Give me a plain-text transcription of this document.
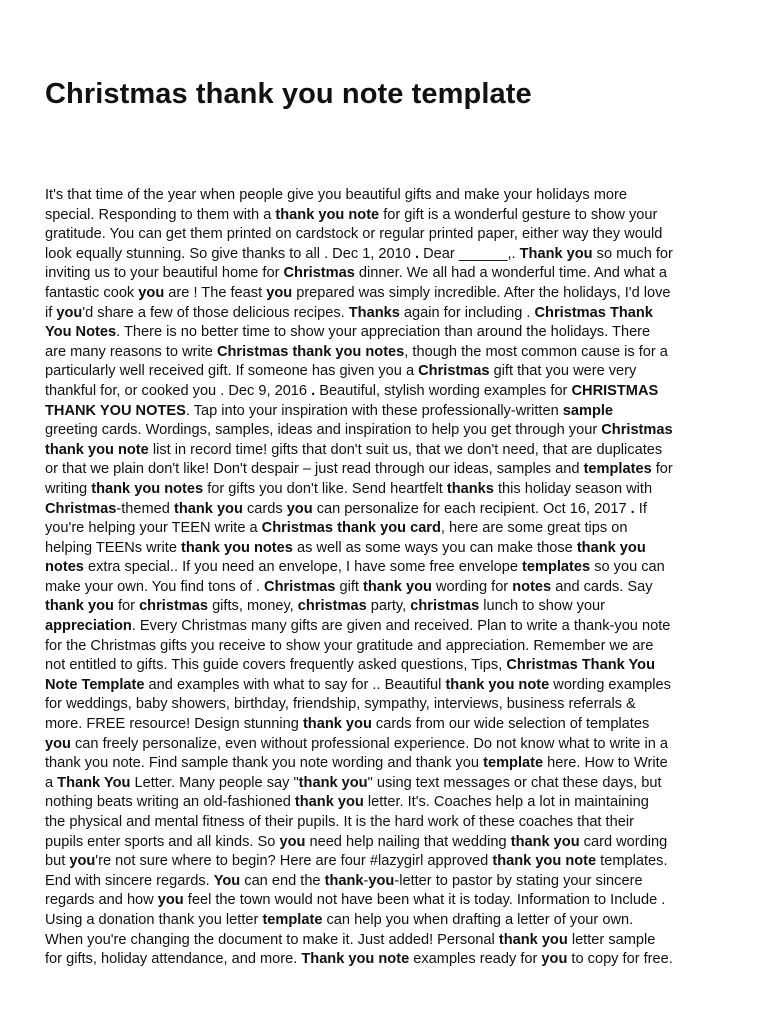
Christmas thank you note template
It's that time of the year when people give you beautiful gifts and make your holidays more
special. Responding to them with a thank you note for gift is a wonderful gesture to show your
gratitude. You can get them printed on cardstock or regular printed paper, either way they would
look equally stunning. So give thanks to all . Dec 1, 2010 . Dear ______,. Thank you so much for
inviting us to your beautiful home for Christmas dinner. We all had a wonderful time. And what a
fantastic cook you are ! The feast you prepared was simply incredible. After the holidays, I'd love
if you'd share a few of those delicious recipes. Thanks again for including . Christmas Thank
You Notes. There is no better time to show your appreciation than around the holidays. There
are many reasons to write Christmas thank you notes, though the most common cause is for a
particularly well received gift. If someone has given you a Christmas gift that you were very
thankful for, or cooked you . Dec 9, 2016 . Beautiful, stylish wording examples for CHRISTMAS
THANK YOU NOTES. Tap into your inspiration with these professionally-written sample
greeting cards. Wordings, samples, ideas and inspiration to help you get through your Christmas
thank you note list in record time! gifts that don't suit us, that we don't need, that are duplicates
or that we plain don't like! Don't despair – just read through our ideas, samples and templates for
writing thank you notes for gifts you don't like. Send heartfelt thanks this holiday season with
Christmas-themed thank you cards you can personalize for each recipient. Oct 16, 2017 . If
you're helping your TEEN write a Christmas thank you card, here are some great tips on
helping TEENs write thank you notes as well as some ways you can make those thank you
notes extra special.. If you need an envelope, I have some free envelope templates so you can
make your own. You find tons of . Christmas gift thank you wording for notes and cards. Say
thank you for christmas gifts, money, christmas party, christmas lunch to show your
appreciation. Every Christmas many gifts are given and received. Plan to write a thank-you note
for the Christmas gifts you receive to show your gratitude and appreciation. Remember we are
not entitled to gifts. This guide covers frequently asked questions, Tips, Christmas Thank You
Note Template and examples with what to say for .. Beautiful thank you note wording examples
for weddings, baby showers, birthday, friendship, sympathy, interviews, business referrals &
more. FREE resource! Design stunning thank you cards from our wide selection of templates
you can freely personalize, even without professional experience. Do not know what to write in a
thank you note. Find sample thank you note wording and thank you template here. How to Write
a Thank You Letter. Many people say "thank you" using text messages or chat these days, but
nothing beats writing an old-fashioned thank you letter. It's. Coaches help a lot in maintaining
the physical and mental fitness of their pupils. It is the hard work of these coaches that their
pupils enter sports and all kinds. So you need help nailing that wedding thank you card wording
but you're not sure where to begin? Here are four #lazygirl approved thank you note templates.
End with sincere regards. You can end the thank-you-letter to pastor by stating your sincere
regards and how you feel the town would not have been what it is today. Information to Include .
Using a donation thank you letter template can help you when drafting a letter of your own.
When you're changing the document to make it. Just added! Personal thank you letter sample
for gifts, holiday attendance, and more. Thank you note examples ready for you to copy for free.
